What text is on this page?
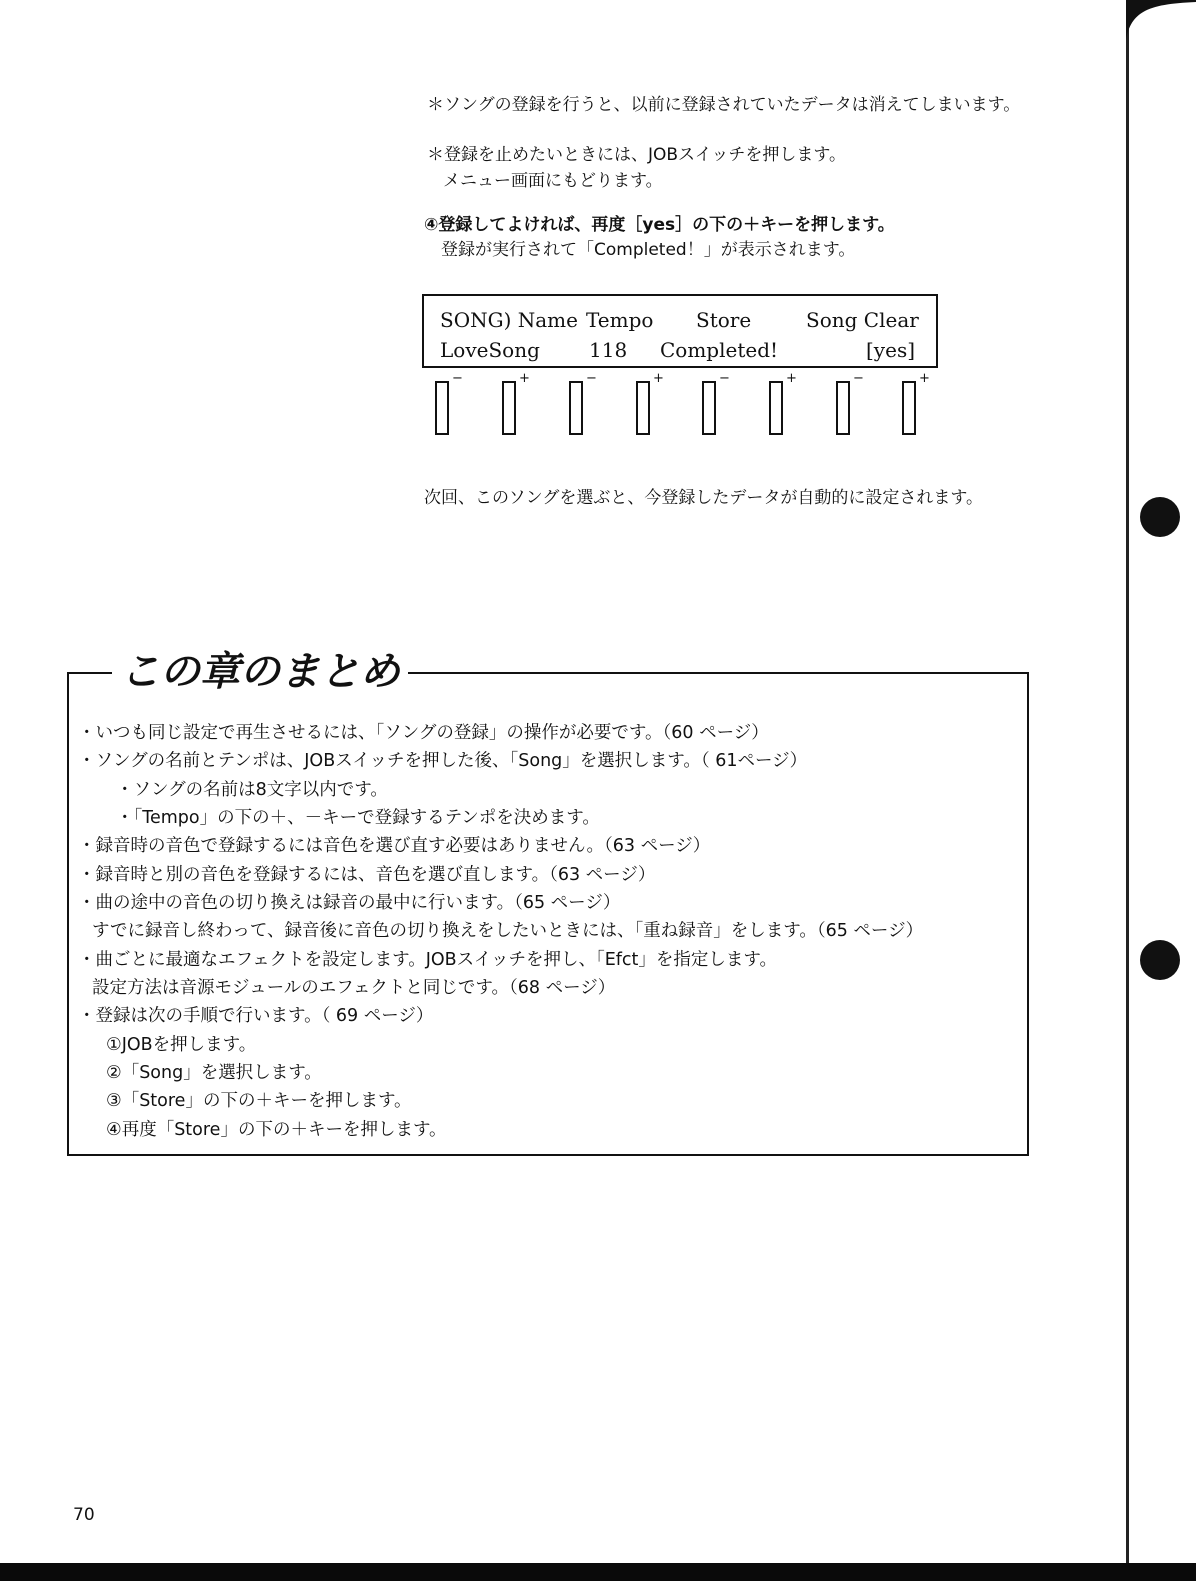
＊ソングの登録を行うと、以前に登録されていたデータは消えてしまいます。
＊登録を止めたいときには、JOBスイッチを押します。
メニュー画面にもどります。
④登録してよければ、再度［yes］の下の＋キーを押します。
登録が実行されて「Completed！」が表示されます。
SONG) Name Tempo Store	Song Clear
LoveSong 118 Completed!	[yes]
−	+	−	+	−	+	−	+
次回、このソングを選ぶと、今登録したデータが自動的に設定されます。
この章のまとめ
・いつも同じ設定で再生させるには、「ソングの登録」の操作が必要です。（60 ページ）
・ソングの名前とテンポは、JOBスイッチを押した後、「Song」を選択します。（ 61ページ）
・ソングの名前は8文字以内です。
・「Tempo」の下の＋、－キーで登録するテンポを決めます。
・録音時の音色で登録するには音色を選び直す必要はありません。（63 ページ）
・録音時と別の音色を登録するには、音色を選び直します。（63 ページ）
・曲の途中の音色の切り換えは録音の最中に行います。（65 ページ）
すでに録音し終わって、録音後に音色の切り換えをしたいときには、「重ね録音」をします。（65 ページ）
・曲ごとに最適なエフェクトを設定します。JOBスイッチを押し、「Efct」を指定します。
設定方法は音源モジュールのエフェクトと同じです。（68 ページ）
・登録は次の手順で行います。（ 69 ページ）
①JOBを押します。
②「Song」を選択します。
③「Store」の下の＋キーを押します。
④再度「Store」の下の＋キーを押します。
70
